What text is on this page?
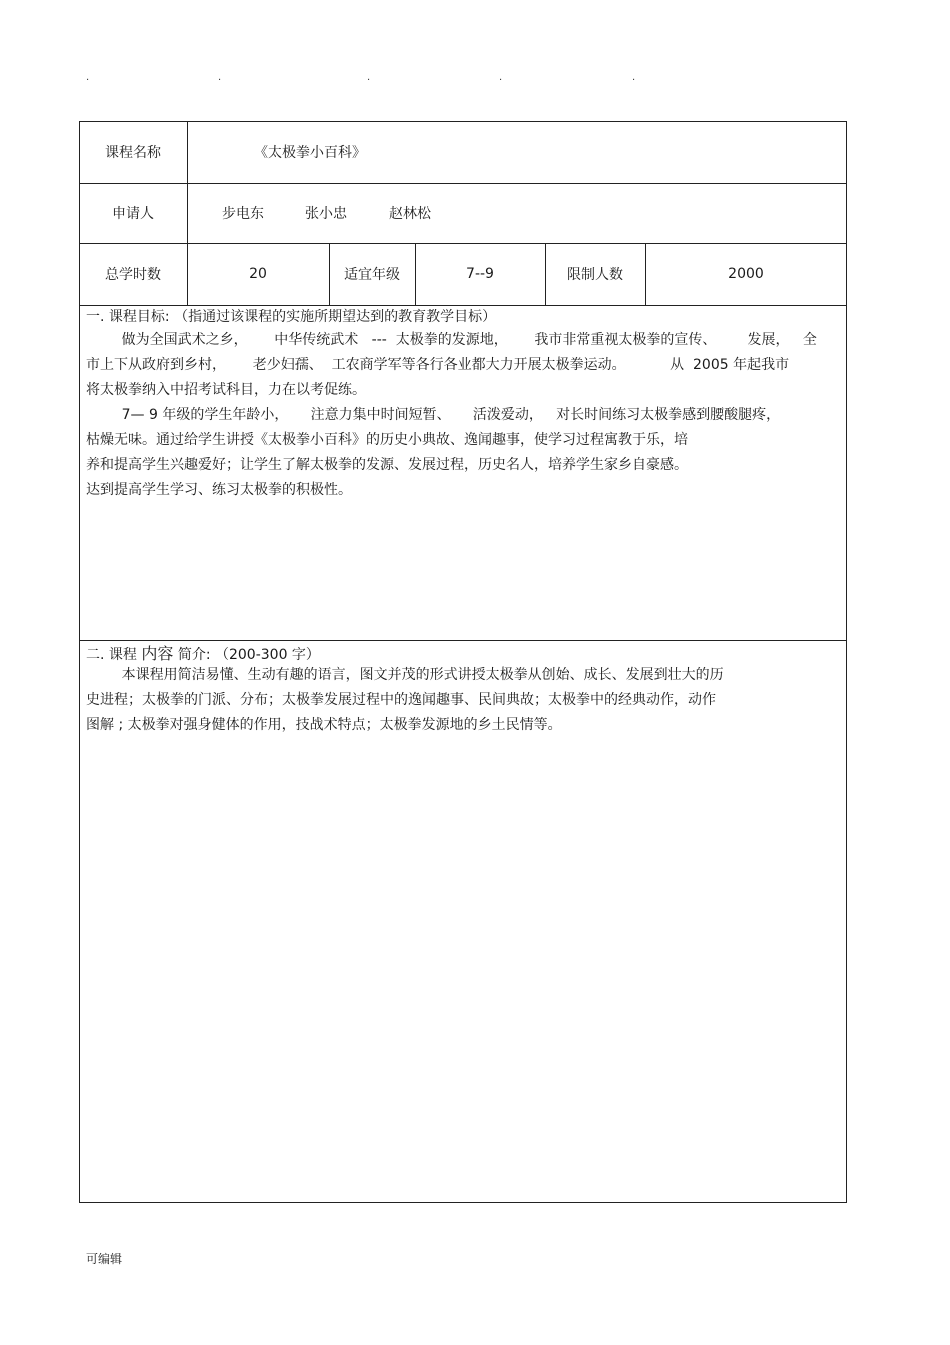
.	.	.	.	.
课程名称	《太极拳小百科》
申请人	步电东	张小忠	赵林松
总学时数	20	适宜年级	7--9	限制人数	2000
一. 课程目标: （指通过该课程的实施所期望达到的教育教学目标）

做为全国武术之乡，      中华传统武术   ---  太极拳的发源地，      我市非常重视太极拳的宣传、       发展，   全

市上下从政府到乡村，      老少妇孺、  工农商学军等各行各业都大力开展太极拳运动。          从  2005 年起我市

将太极拳纳入中招考试科目，力在以考促练。

7— 9 年级的学生年龄小，     注意力集中时间短暂、     活泼爱动，   对长时间练习太极拳感到腰酸腿疼，

枯燥无味。通过给学生讲授《太极拳小百科》的历史小典故、逸闻趣事，使学习过程寓教于乐，培

养和提高学生兴趣爱好；让学生了解太极拳的发源、发展过程，历史名人，培养学生家乡自豪感。

达到提高学生学习、练习太极拳的积极性。

二. 课程 内容 简介: （200-300 字）

本课程用简洁易懂、生动有趣的语言，图文并茂的形式讲授太极拳从创始、成长、发展到壮大的历

史进程；太极拳的门派、分布；太极拳发展过程中的逸闻趣事、民间典故；太极拳中的经典动作，动作

图解 ; 太极拳对强身健体的作用，技战术特点；太极拳发源地的乡土民情等。

可编辑
